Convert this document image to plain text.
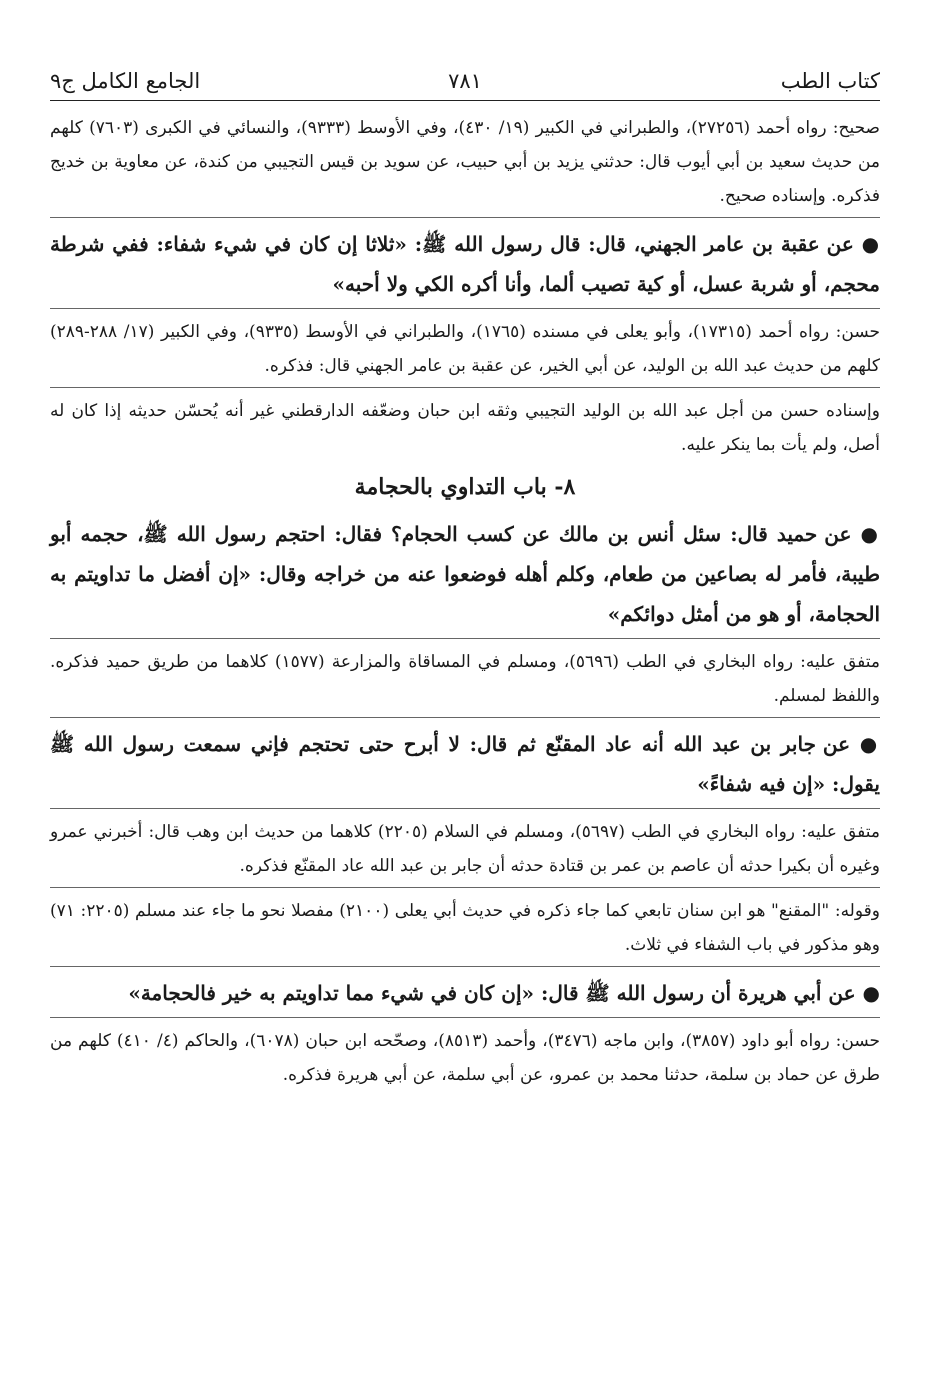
كتاب الطب
٧٨١
الجامع الكامل ج٩

صحيح: رواه أحمد (٢٧٢٥٦)، والطبراني في الكبير (١٩/ ٤٣٠)، وفي الأوسط (٩٣٣٣)، والنسائي في الكبرى (٧٦٠٣) كلهم من حديث سعيد بن أبي أيوب قال: حدثني يزيد بن أبي حبيب، عن سويد بن قيس التجيبي من كندة، عن معاوية بن خديج فذكره. وإسناده صحيح.

● عن عقبة بن عامر الجهني، قال: قال رسول الله ﷺ: «ثلاثا إن كان في شيء شفاء: ففي شرطة محجم، أو شربة عسل، أو كية تصيب ألما، وأنا أكره الكي ولا أحبه»

حسن: رواه أحمد (١٧٣١٥)، وأبو يعلى في مسنده (١٧٦٥)، والطبراني في الأوسط (٩٣٣٥)، وفي الكبير (١٧/ ٢٨٨-٢٨٩) كلهم من حديث عبد الله بن الوليد، عن أبي الخير، عن عقبة بن عامر الجهني قال: فذكره.

وإسناده حسن من أجل عبد الله بن الوليد التجيبي وثقه ابن حبان وضعّفه الدارقطني غير أنه يُحسّن حديثه إذا كان له أصل، ولم يأت بما ينكر عليه.

٨- باب التداوي بالحجامة

● عن حميد قال: سئل أنس بن مالك عن كسب الحجام؟ فقال: احتجم رسول الله ﷺ، حجمه أبو طيبة، فأمر له بصاعين من طعام، وكلم أهله فوضعوا عنه من خراجه وقال: «إن أفضل ما تداويتم به الحجامة، أو هو من أمثل دوائكم»

متفق عليه: رواه البخاري في الطب (٥٦٩٦)، ومسلم في المساقاة والمزارعة (١٥٧٧) كلاهما من طريق حميد فذكره. واللفظ لمسلم.

● عن جابر بن عبد الله أنه عاد المقنّع ثم قال: لا أبرح حتى تحتجم فإني سمعت رسول الله ﷺ يقول: «إن فيه شفاءً»

متفق عليه: رواه البخاري في الطب (٥٦٩٧)، ومسلم في السلام (٢٢٠٥) كلاهما من حديث ابن وهب قال: أخبرني عمرو وغيره أن بكيرا حدثه أن عاصم بن عمر بن قتادة حدثه أن جابر بن عبد الله عاد المقنّع فذكره.

وقوله: "المقنع" هو ابن سنان تابعي كما جاء ذكره في حديث أبي يعلى (٢١٠٠) مفصلا نحو ما جاء عند مسلم (٢٢٠٥: ٧١) وهو مذكور في باب الشفاء في ثلاث.

● عن أبي هريرة أن رسول الله ﷺ قال: «إن كان في شيء مما تداويتم به خير فالحجامة»

حسن: رواه أبو داود (٣٨٥٧)، وابن ماجه (٣٤٧٦)، وأحمد (٨٥١٣)، وصحّحه ابن حبان (٦٠٧٨)، والحاكم (٤/ ٤١٠) كلهم من طرق عن حماد بن سلمة، حدثنا محمد بن عمرو، عن أبي سلمة، عن أبي هريرة فذكره.
